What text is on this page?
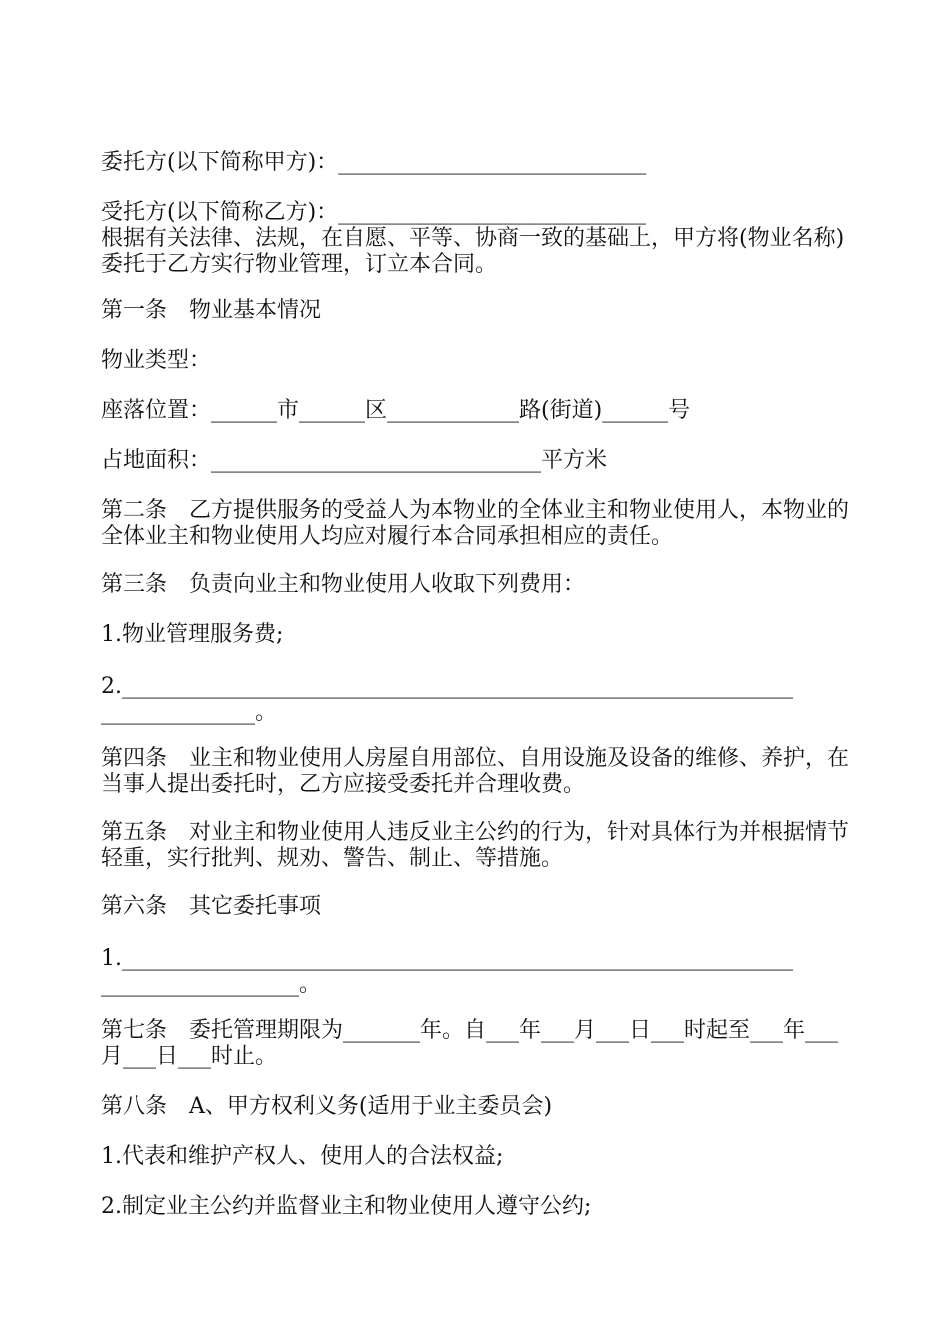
委托方(以下简称甲方)：____________________________

受托方(以下简称乙方)：____________________________

根据有关法律、法规，在自愿、平等、协商一致的基础上，甲方将(物业名称)委托于乙方实行物业管理，订立本合同。

第一条　物业基本情况

物业类型：

座落位置：______市______区____________路(街道)______号

占地面积：______________________________平方米

第二条　乙方提供服务的受益人为本物业的全体业主和物业使用人，本物业的全体业主和物业使用人均应对履行本合同承担相应的责任。

第三条　负责向业主和物业使用人收取下列费用：

1.物业管理服务费;

2._____________________________________________________________
______________。

第四条　业主和物业使用人房屋自用部位、自用设施及设备的维修、养护，在当事人提出委托时，乙方应接受委托并合理收费。

第五条　对业主和物业使用人违反业主公约的行为，针对具体行为并根据情节轻重，实行批判、规劝、警告、制止、等措施。

第六条　其它委托事项

1._____________________________________________________________
__________________。

第七条　委托管理期限为_______年。自___年___月___日___时起至___年___月___日___时止。

第八条　A、甲方权利义务(适用于业主委员会)

1.代表和维护产权人、使用人的合法权益;

2.制定业主公约并监督业主和物业使用人遵守公约;
